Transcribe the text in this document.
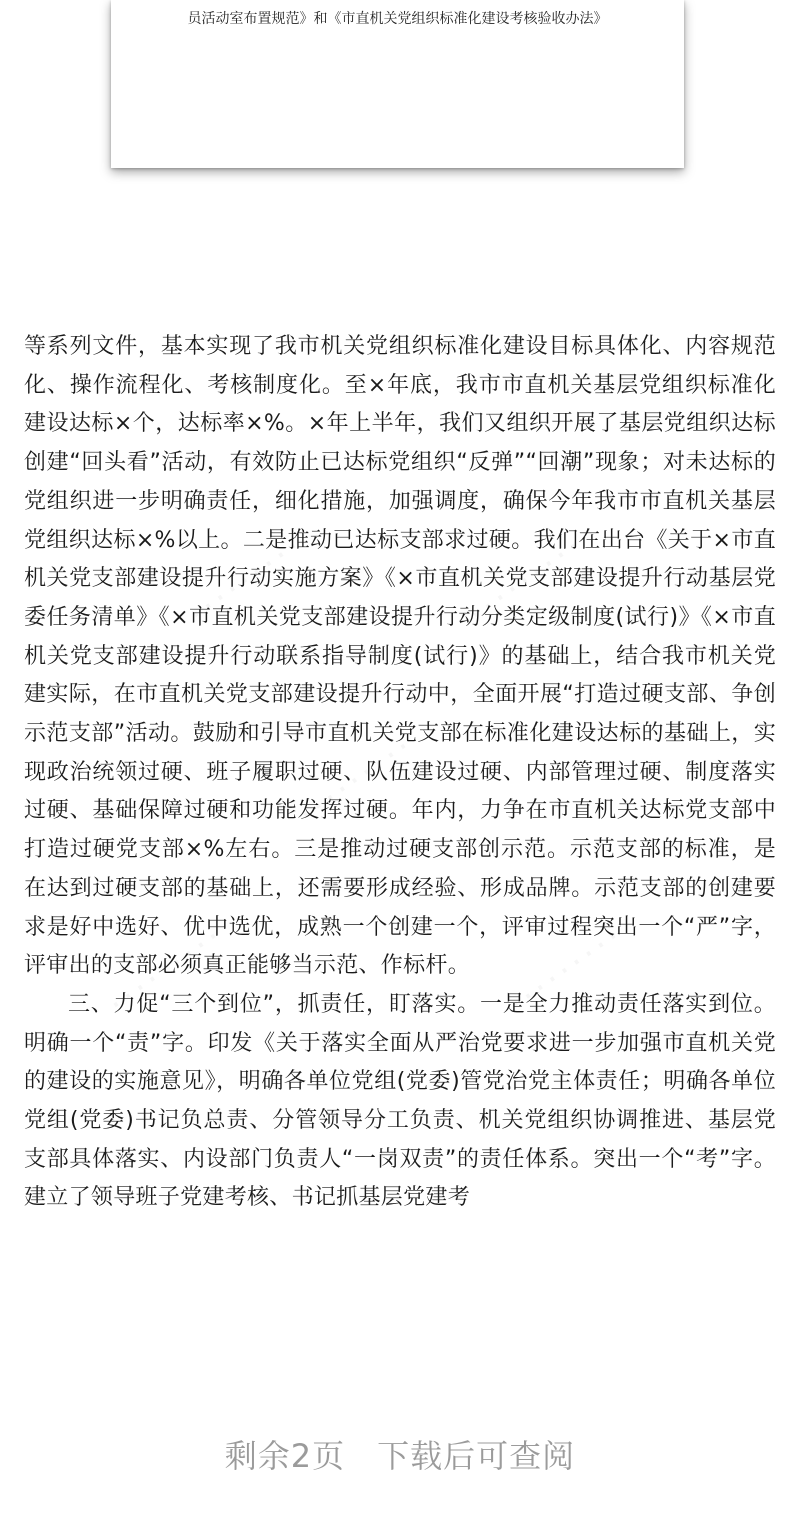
员活动室布置规范》和《市直机关党组织标准化建设考核验收办法》

等系列文件，基本实现了我市机关党组织标准化建设目标具体化、内容规范化、操作流程化、考核制度化。至×年底，我市市直机关基层党组织标准化建设达标×个，达标率×%。×年上半年，我们又组织开展了基层党组织达标创建“回头看”活动，有效防止已达标党组织“反弹”“回潮”现象；对未达标的党组织进一步明确责任，细化措施，加强调度，确保今年我市市直机关基层党组织达标×%以上。二是推动已达标支部求过硬。我们在出台《关于×市直机关党支部建设提升行动实施方案》《×市直机关党支部建设提升行动基层党委任务清单》《×市直机关党支部建设提升行动分类定级制度(试行)》《×市直机关党支部建设提升行动联系指导制度(试行)》的基础上，结合我市机关党建实际，在市直机关党支部建设提升行动中，全面开展“打造过硬支部、争创示范支部”活动。鼓励和引导市直机关党支部在标准化建设达标的基础上，实现政治统领过硬、班子履职过硬、队伍建设过硬、内部管理过硬、制度落实过硬、基础保障过硬和功能发挥过硬。年内，力争在市直机关达标党支部中打造过硬党支部×%左右。三是推动过硬支部创示范。示范支部的标准，是在达到过硬支部的基础上，还需要形成经验、形成品牌。示范支部的创建要求是好中选好、优中选优，成熟一个创建一个，评审过程突出一个“严”字，评审出的支部必须真正能够当示范、作标杆。

三、力促“三个到位”，抓责任，盯落实。一是全力推动责任落实到位。明确一个“责”字。印发《关于落实全面从严治党要求进一步加强市直机关党的建设的实施意见》，明确各单位党组(党委)管党治党主体责任；明确各单位党组(党委)书记负总责、分管领导分工负责、机关党组织协调推进、基层党支部具体落实、内设部门负责人“一岗双责”的责任体系。突出一个“考”字。建立了领导班子党建考核、书记抓基层党建考

剩余2页 下载后可查阅
